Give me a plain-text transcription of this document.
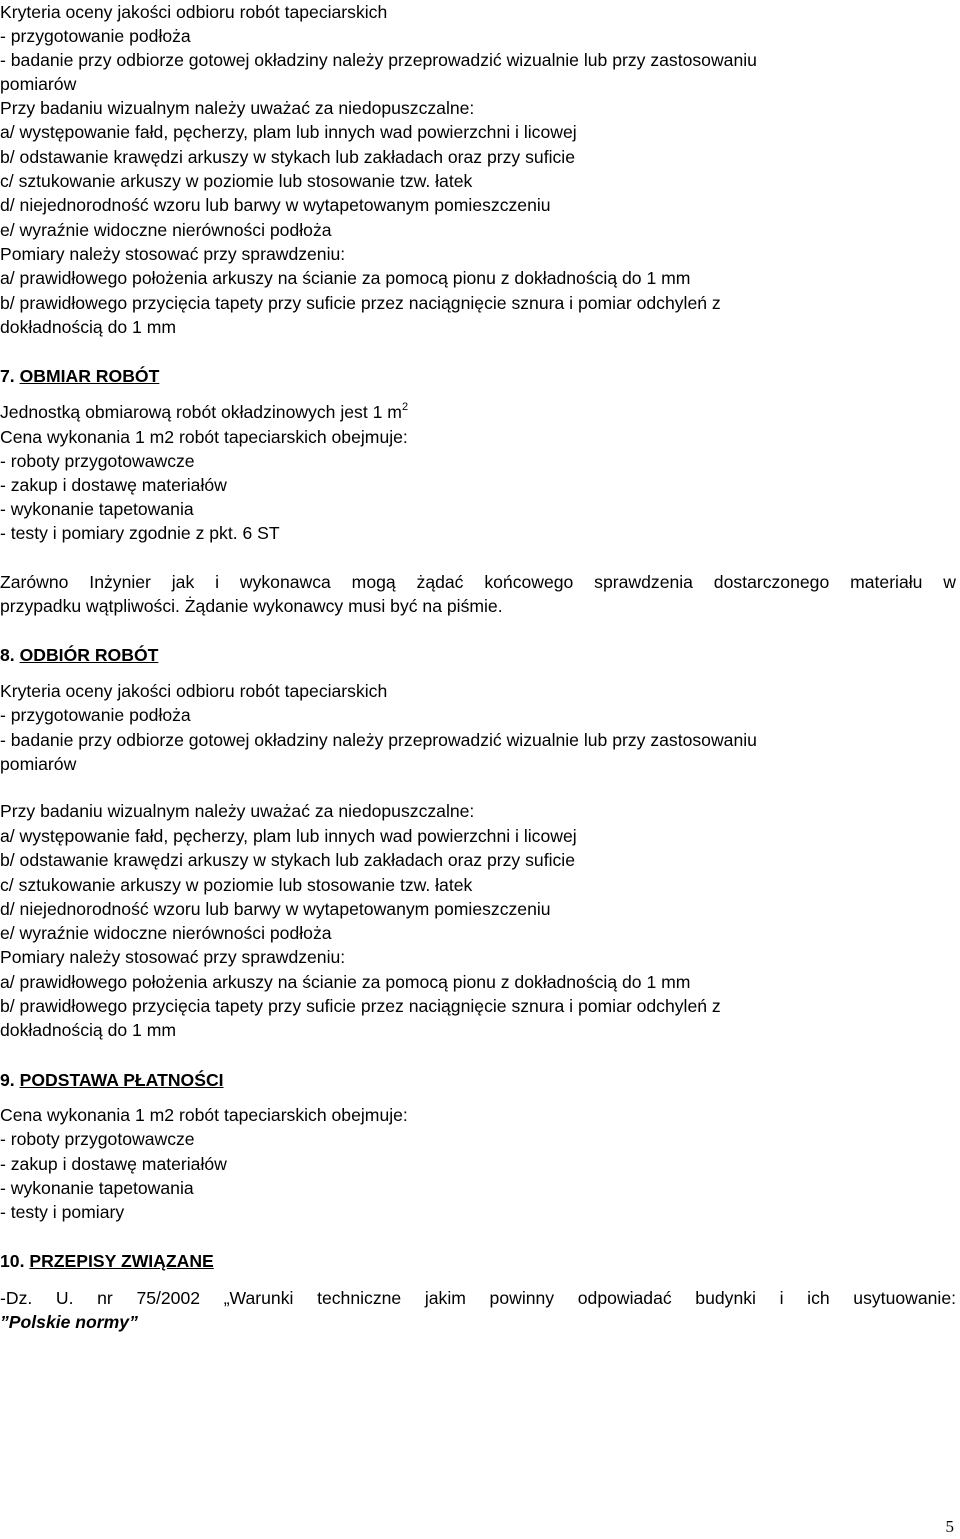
Kryteria oceny jakości odbioru robót tapeciarskich
- przygotowanie podłoża
- badanie przy odbiorze gotowej okładziny należy przeprowadzić wizualnie lub przy zastosowaniu
pomiarów
Przy badaniu wizualnym należy uważać za niedopuszczalne:
a/ występowanie fałd, pęcherzy, plam lub innych wad powierzchni i licowej
b/ odstawanie krawędzi arkuszy w stykach lub zakładach oraz przy suficie
c/ sztukowanie arkuszy w poziomie lub stosowanie tzw. łatek
d/ niejednorodność wzoru lub barwy w wytapetowanym pomieszczeniu
e/ wyraźnie widoczne nierówności podłoża
Pomiary należy stosować przy sprawdzeniu:
a/ prawidłowego położenia arkuszy na ścianie za pomocą pionu z dokładnością do 1 mm
b/ prawidłowego przycięcia tapety przy suficie przez naciągnięcie sznura i pomiar odchyleń z
dokładnością do 1 mm
7. OBMIAR ROBÓT
Jednostką obmiarową robót okładzinowych jest 1 $m^2$
Cena wykonania 1 m2 robót tapeciarskich obejmuje:
- roboty przygotowawcze
- zakup i dostawę materiałów
- wykonanie tapetowania
- testy i pomiary zgodnie z pkt. 6 ST
Zarówno Inżynier jak i wykonawca mogą żądać końcowego sprawdzenia dostarczonego materiału w
przypadku wątpliwości. Żądanie wykonawcy musi być na piśmie.
8. ODBIÓR ROBÓT
Kryteria oceny jakości odbioru robót tapeciarskich
- przygotowanie podłoża
- badanie przy odbiorze gotowej okładziny należy przeprowadzić wizualnie lub przy zastosowaniu
pomiarów
Przy badaniu wizualnym należy uważać za niedopuszczalne:
a/ występowanie fałd, pęcherzy, plam lub innych wad powierzchni i licowej
b/ odstawanie krawędzi arkuszy w stykach lub zakładach oraz przy suficie
c/ sztukowanie arkuszy w poziomie lub stosowanie tzw. łatek
d/ niejednorodność wzoru lub barwy w wytapetowanym pomieszczeniu
e/ wyraźnie widoczne nierówności podłoża
Pomiary należy stosować przy sprawdzeniu:
a/ prawidłowego położenia arkuszy na ścianie za pomocą pionu z dokładnością do 1 mm
b/ prawidłowego przycięcia tapety przy suficie przez naciągnięcie sznura i pomiar odchyleń z
dokładnością do 1 mm
9. PODSTAWA PŁATNOŚCI
Cena wykonania 1 m2 robót tapeciarskich obejmuje:
- roboty przygotowawcze
- zakup i dostawę materiałów
- wykonanie tapetowania
- testy i pomiary
10. PRZEPISY ZWIĄZANE
-Dz. U. nr 75/2002 „Warunki techniczne jakim powinny odpowiadać budynki i ich usytuowanie:
”Polskie normy”
5
